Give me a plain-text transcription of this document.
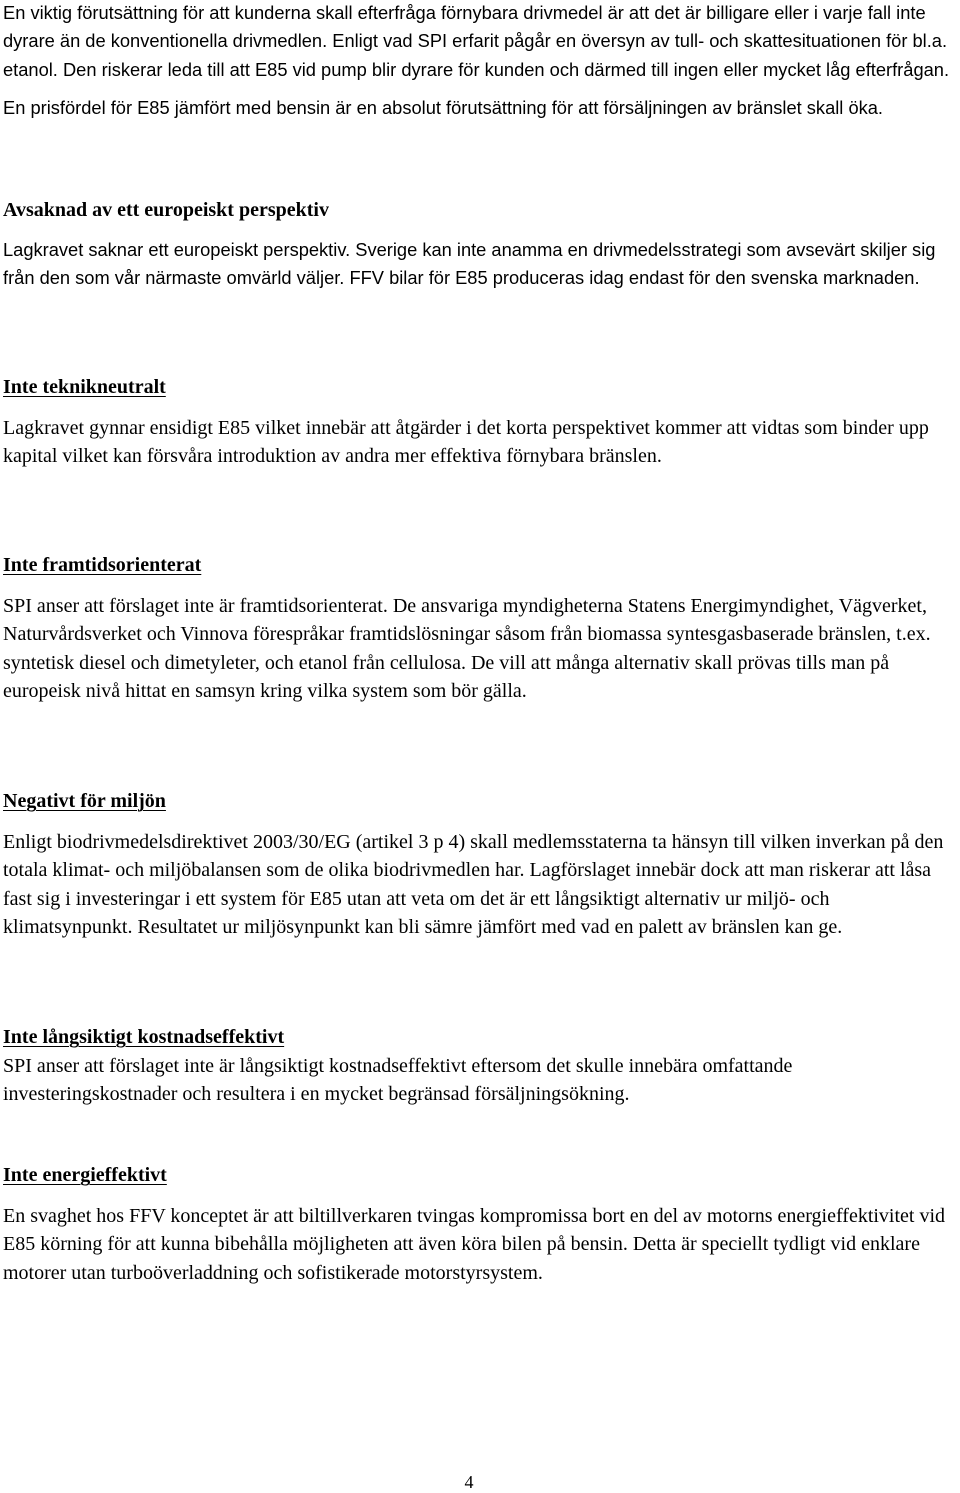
En viktig förutsättning för att kunderna skall efterfråga förnybara drivmedel är att det är billigare eller i varje fall inte dyrare än de konventionella drivmedlen. Enligt vad SPI erfarit pågår en översyn av tull- och skattesituationen för bl.a. etanol. Den riskerar leda till att E85 vid pump blir dyrare för kunden och därmed till ingen eller mycket låg efterfrågan.
En prisfördel för E85 jämfört med bensin är en absolut förutsättning för att försäljningen av bränslet skall öka.

Avsaknad av ett europeiskt perspektiv

Lagkravet saknar ett europeiskt perspektiv. Sverige kan inte anamma en drivmedelsstrategi som avsevärt skiljer sig från den som vår närmaste omvärld väljer. FFV bilar för E85 produceras idag endast för den svenska marknaden.

Inte teknikneutralt

Lagkravet gynnar ensidigt E85 vilket innebär att åtgärder i det korta perspektivet kommer att vidtas som binder upp kapital vilket kan försvåra introduktion av andra mer effektiva förnybara bränslen.

Inte framtidsorienterat

SPI anser att förslaget inte är framtidsorienterat. De ansvariga myndigheterna Statens Energimyndighet, Vägverket, Naturvårdsverket och Vinnova förespråkar framtidslösningar såsom från biomassa syntesgasbaserade bränslen, t.ex. syntetisk diesel och dimetyleter, och etanol från cellulosa. De vill att många alternativ skall prövas tills man på europeisk nivå hittat en samsyn kring vilka system som bör gälla.

Negativt för miljön

Enligt biodrivmedelsdirektivet 2003/30/EG (artikel 3 p 4) skall medlemsstaterna ta hänsyn till vilken inverkan på den totala klimat- och miljöbalansen som de olika biodrivmedlen har. Lagförslaget innebär dock att man riskerar att låsa fast sig i investeringar i ett system för E85 utan att veta om det är ett långsiktigt alternativ ur miljö- och klimatsynpunkt. Resultatet ur miljösynpunkt kan bli sämre jämfört med vad en palett av bränslen kan ge.

Inte långsiktigt kostnadseffektivt

SPI anser att förslaget inte är långsiktigt kostnadseffektivt eftersom det skulle innebära omfattande investeringskostnader och resultera i en mycket begränsad försäljningsökning.

Inte energieffektivt

En svaghet hos FFV konceptet är att biltillverkaren tvingas kompromissa bort en del av motorns energieffektivitet vid E85 körning för att kunna bibehålla möjligheten att även köra bilen på bensin. Detta är speciellt tydligt vid enklare motorer utan turboöverladdning och sofistikerade motorstyrsystem.

4
